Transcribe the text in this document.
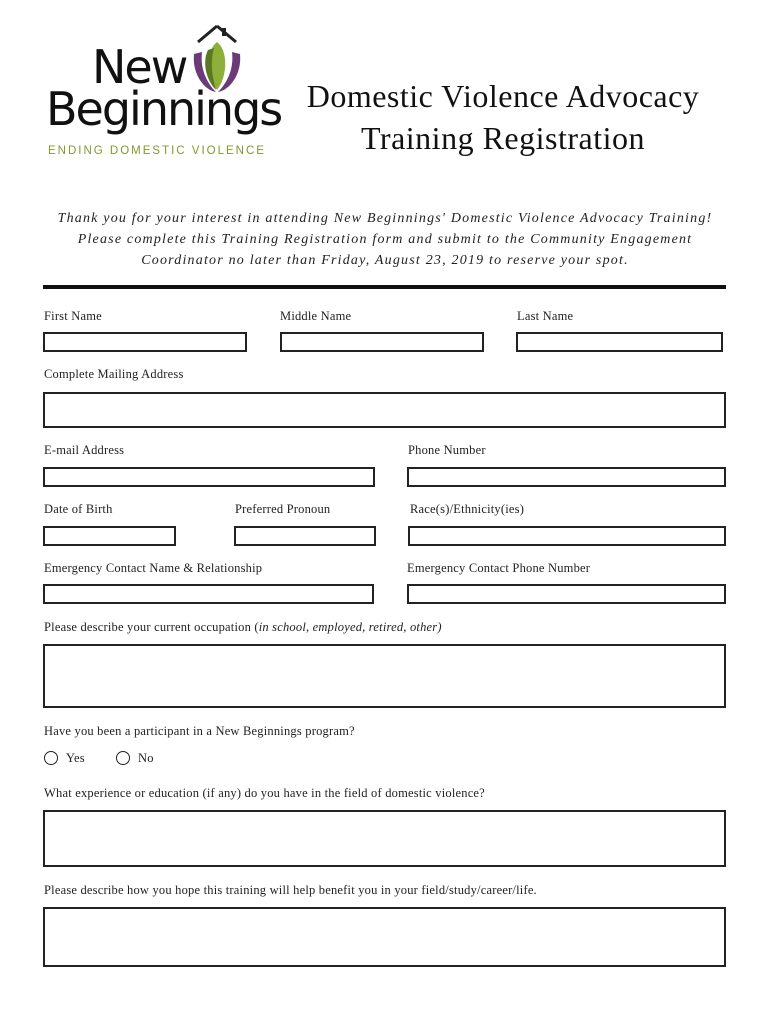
New
Beginnings
ENDING DOMESTIC VIOLENCE
Domestic Violence Advocacy
Training Registration
Thank you for your interest in attending New Beginnings' Domestic Violence Advocacy Training!
Please complete this Training Registration form and submit to the Community Engagement
Coordinator no later than Friday, August 23, 2019 to reserve your spot.
First Name	Middle Name	Last Name
Complete Mailing Address
E-mail Address	Phone Number
Date of Birth	Preferred Pronoun	Race(s)/Ethnicity(ies)
Emergency Contact Name & Relationship	Emergency Contact Phone Number
Please describe your current occupation (in school, employed, retired, other)
Have you been a participant in a New Beginnings program?
Yes	No
What experience or education (if any) do you have in the field of domestic violence?
Please describe how you hope this training will help benefit you in your field/study/career/life.
